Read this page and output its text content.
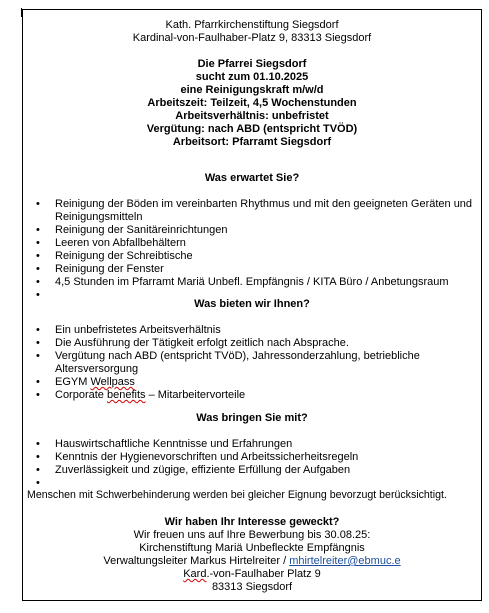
Kath. Pfarrkirchenstiftung Siegsdorf
Kardinal-von-Faulhaber-Platz 9, 83313 Siegsdorf
Die Pfarrei Siegsdorf
sucht zum 01.10.2025
eine Reinigungskraft m/w/d
Arbeitszeit: Teilzeit, 4,5 Wochenstunden
Arbeitsverhältnis: unbefristet
Vergütung: nach ABD (entspricht TVÖD)
Arbeitsort: Pfarramt Siegsdorf
Was erwartet Sie?
•	Reinigung der Böden im vereinbarten Rhythmus und mit den geeigneten Geräten und Reinigungsmitteln
•	Reinigung der Sanitäreinrichtungen
•	Leeren von Abfallbehältern
•	Reinigung der Schreibtische
•	Reinigung der Fenster
•	4,5 Stunden im Pfarramt Mariä Unbefl. Empfängnis / KITA Büro / Anbetungsraum
•
Was bieten wir Ihnen?
•	Ein unbefristetes Arbeitsverhältnis
•	Die Ausführung der Tätigkeit erfolgt zeitlich nach Absprache.
•	Vergütung nach ABD (entspricht TVöD), Jahressonderzahlung, betriebliche Altersversorgung
•	EGYM Wellpass
•	Corporate benefits – Mitarbeitervorteile
Was bringen Sie mit?
•	Hauswirtschaftliche Kenntnisse und Erfahrungen
•	Kenntnis der Hygienevorschriften und Arbeitssicherheitsregeln
•	Zuverlässigkeit und zügige, effiziente Erfüllung der Aufgaben
•
Menschen mit Schwerbehinderung werden bei gleicher Eignung bevorzugt berücksichtigt.
Wir haben Ihr Interesse geweckt?
Wir freuen uns auf Ihre Bewerbung bis 30.08.25:
Kirchenstiftung Mariä Unbefleckte Empfängnis
Verwaltungsleiter Markus Hirtelreiter / mhirtelreiter@ebmuc.e
Kard.-von-Faulhaber Platz 9
83313 Siegsdorf
